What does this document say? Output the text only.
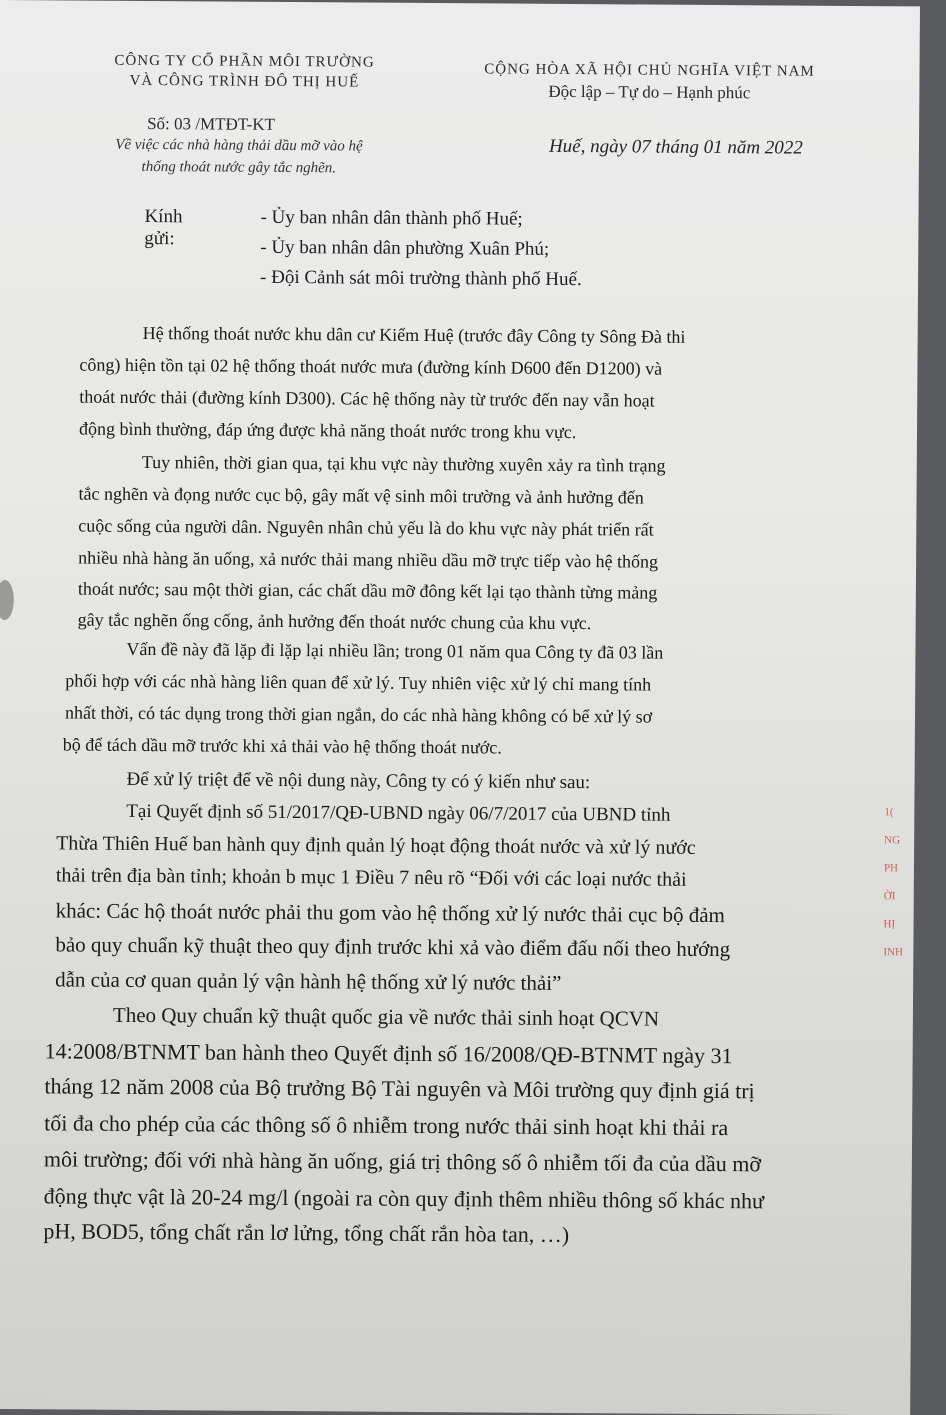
CÔNG TY CỔ PHẦN MÔI TRƯỜNG
VÀ CÔNG TRÌNH ĐÔ THỊ HUẾ
CỘNG HÒA XÃ HỘI CHỦ NGHĨA VIỆT NAM
Độc lập – Tự do – Hạnh phúc
Số: 03 /MTĐT-KT
Về việc các nhà hàng thải dầu mỡ vào hệ
thống thoát nước gây tắc nghẽn.
Huế, ngày 07 tháng 01 năm 2022
Kính gửi:
- Ủy ban nhân dân thành phố Huế;
- Ủy ban nhân dân phường Xuân Phú;
- Đội Cảnh sát môi trường thành phố Huế.
Hệ thống thoát nước khu dân cư Kiểm Huệ (trước đây Công ty Sông Đà thi
công) hiện tồn tại 02 hệ thống thoát nước mưa (đường kính D600 đến D1200) và
thoát nước thải (đường kính D300). Các hệ thống này từ trước đến nay vẫn hoạt
động bình thường, đáp ứng được khả năng thoát nước trong khu vực.
Tuy nhiên, thời gian qua, tại khu vực này thường xuyên xảy ra tình trạng
tắc nghẽn và đọng nước cục bộ, gây mất vệ sinh môi trường và ảnh hưởng đến
cuộc sống của người dân. Nguyên nhân chủ yếu là do khu vực này phát triển rất
nhiều nhà hàng ăn uống, xả nước thải mang nhiều dầu mỡ trực tiếp vào hệ thống
thoát nước; sau một thời gian, các chất dầu mỡ đông kết lại tạo thành từng mảng
gây tắc nghẽn ống cống, ảnh hưởng đến thoát nước chung của khu vực.
Vấn đề này đã lặp đi lặp lại nhiều lần; trong 01 năm qua Công ty đã 03 lần
phối hợp với các nhà hàng liên quan để xử lý. Tuy nhiên việc xử lý chỉ mang tính
nhất thời, có tác dụng trong thời gian ngắn, do các nhà hàng không có bể xử lý sơ
bộ để tách dầu mỡ trước khi xả thải vào hệ thống thoát nước.
Để xử lý triệt để về nội dung này, Công ty có ý kiến như sau:
Tại Quyết định số 51/2017/QĐ-UBND ngày 06/7/2017 của UBND tỉnh
Thừa Thiên Huế ban hành quy định quản lý hoạt động thoát nước và xử lý nước
thải trên địa bàn tỉnh; khoản b mục 1 Điều 7 nêu rõ “Đối với các loại nước thải
khác: Các hộ thoát nước phải thu gom vào hệ thống xử lý nước thải cục bộ đảm
bảo quy chuẩn kỹ thuật theo quy định trước khi xả vào điểm đấu nối theo hướng
dẫn của cơ quan quản lý vận hành hệ thống xử lý nước thải”
Theo Quy chuẩn kỹ thuật quốc gia về nước thải sinh hoạt QCVN
14:2008/BTNMT ban hành theo Quyết định số 16/2008/QĐ-BTNMT ngày 31
tháng 12 năm 2008 của Bộ trưởng Bộ Tài nguyên và Môi trường quy định giá trị
tối đa cho phép của các thông số ô nhiễm trong nước thải sinh hoạt khi thải ra
môi trường; đối với nhà hàng ăn uống, giá trị thông số ô nhiễm tối đa của dầu mỡ
động thực vật là 20-24 mg/l (ngoài ra còn quy định thêm nhiều thông số khác như
pH, BOD5, tổng chất rắn lơ lửng, tổng chất rắn hòa tan, …)
1(
NG
PH
ỜI
HỊ
INH
